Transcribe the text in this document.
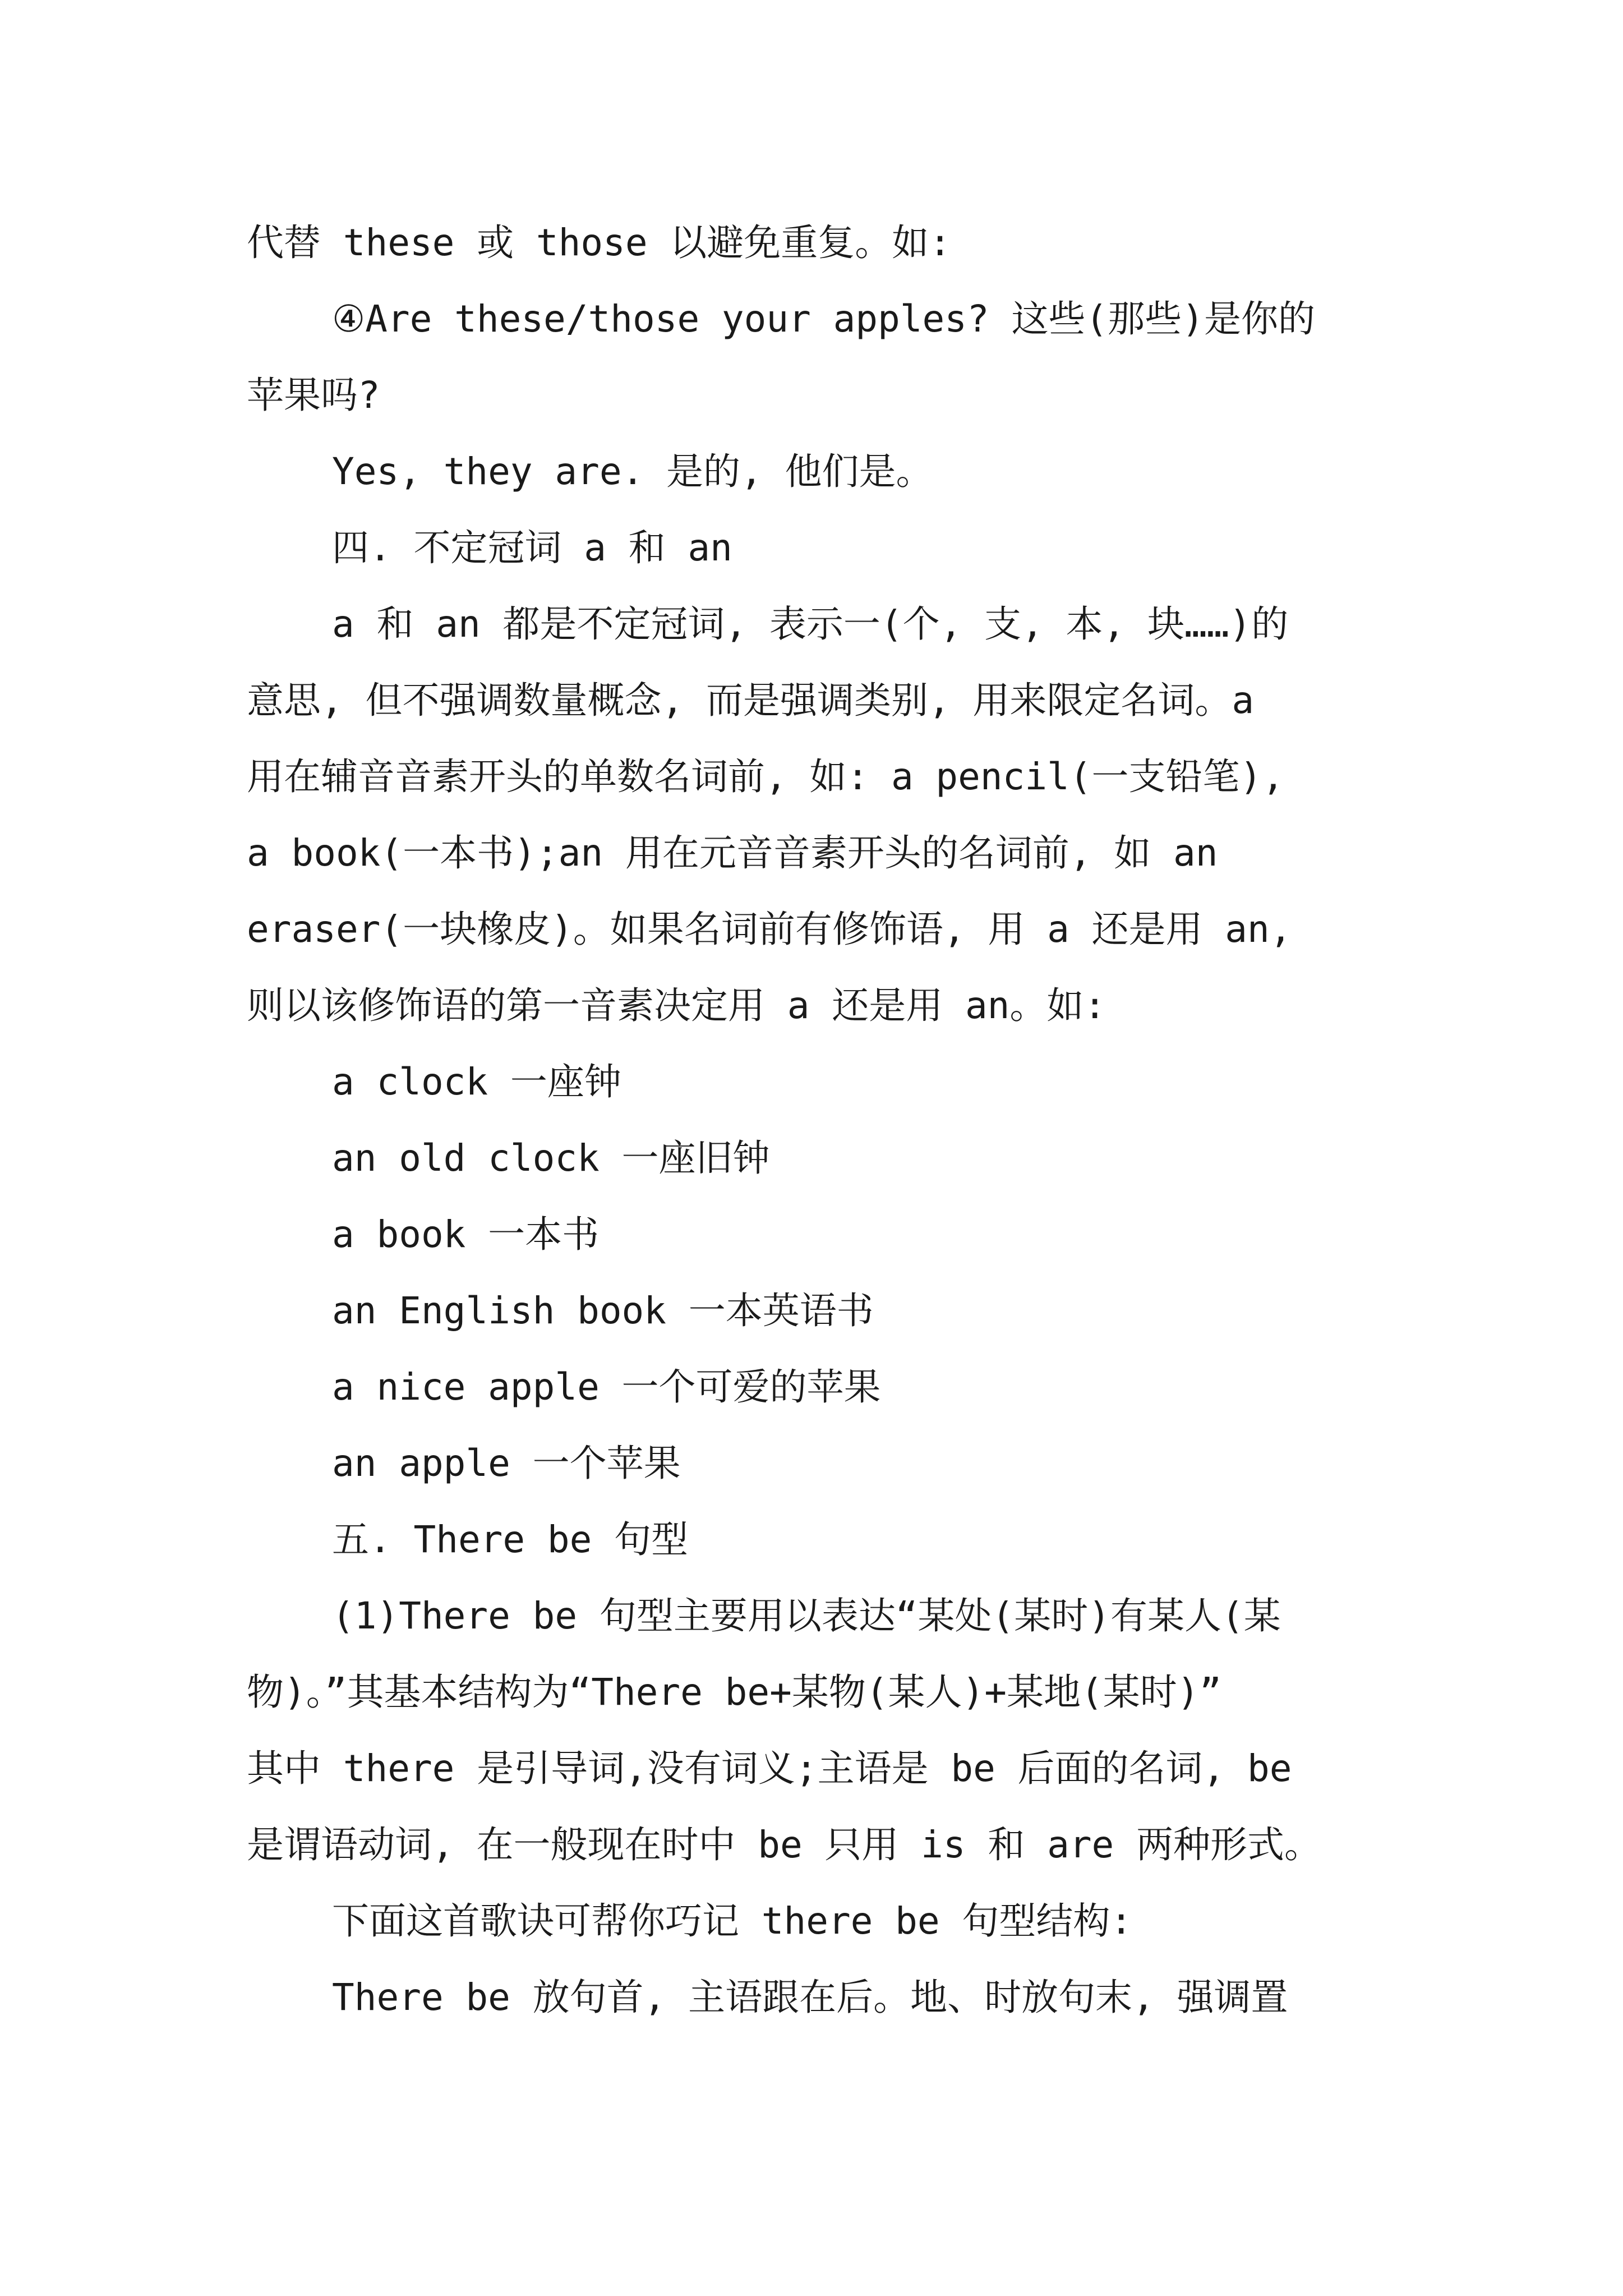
代替 these 或 those 以避免重复。如:

④Are these/those your apples? 这些(那些)是你的

苹果吗?

Yes, they are. 是的, 他们是。

四. 不定冠词 a 和 an

a 和 an 都是不定冠词, 表示一(个, 支, 本, 块……)的

意思, 但不强调数量概念, 而是强调类别, 用来限定名词。a

用在辅音音素开头的单数名词前, 如: a pencil(一支铅笔),

a book(一本书);an 用在元音音素开头的名词前, 如 an

eraser(一块橡皮)。如果名词前有修饰语, 用 a 还是用 an,

则以该修饰语的第一音素决定用 a 还是用 an。如:

a clock 一座钟

an old clock 一座旧钟

a book 一本书

an English book 一本英语书

a nice apple 一个可爱的苹果

an apple 一个苹果

五. There be 句型

(1)There be 句型主要用以表达“某处(某时)有某人(某

物)。”其基本结构为“There be+某物(某人)+某地(某时)”

其中 there 是引导词,没有词义;主语是 be 后面的名词, be

是谓语动词, 在一般现在时中 be 只用 is 和 are 两种形式。

下面这首歌诀可帮你巧记 there be 句型结构:

There be 放句首, 主语跟在后。地、时放句末, 强调置
